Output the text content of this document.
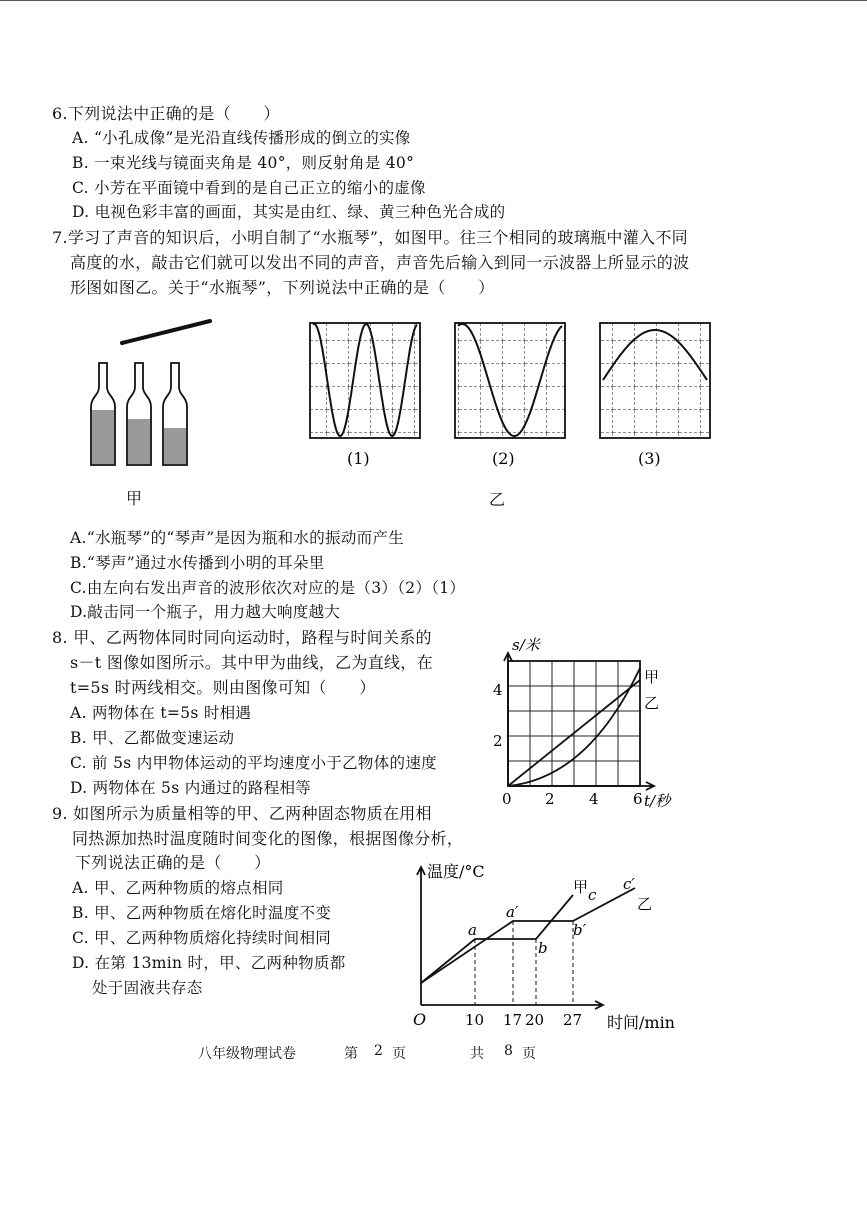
6.下列说法中正确的是（　　）
A. “小孔成像”是光沿直线传播形成的倒立的实像
B. 一束光线与镜面夹角是 40°，则反射角是 40°
C. 小芳在平面镜中看到的是自己正立的缩小的虚像
D. 电视色彩丰富的画面，其实是由红、绿、黄三种色光合成的
7.学习了声音的知识后，小明自制了“水瓶琴”，如图甲。往三个相同的玻璃瓶中灌入不同
高度的水，敲击它们就可以发出不同的声音，声音先后输入到同一示波器上所显示的波
形图如图乙。关于“水瓶琴”，下列说法中正确的是（　　）
甲
(1)	(2)	(3)
乙
A.“水瓶琴”的“琴声”是因为瓶和水的振动而产生
B.“琴声”通过水传播到小明的耳朵里
C.由左向右发出声音的波形依次对应的是（3）（2）（1）
D.敲击同一个瓶子，用力越大响度越大
8. 甲、乙两物体同时同向运动时，路程与时间关系的
s－t 图像如图所示。其中甲为曲线，乙为直线，在
t=5s 时两线相交。则由图像可知（　　）
A. 两物体在 t=5s 时相遇
B. 甲、乙都做变速运动
C. 前 5s 内甲物体运动的平均速度小于乙物体的速度
D. 两物体在 5s 内通过的路程相等
s/米
t/秒
0 2 4 6
2
4
甲
乙
9. 如图所示为质量相等的甲、乙两种固态物质在用相
同热源加热时温度随时间变化的图像，根据图像分析，
下列说法正确的是（　　）
A. 甲、乙两种物质的熔点相同
B. 甲、乙两种物质在熔化时温度不变
C. 甲、乙两种物质熔化持续时间相同
D. 在第 13min 时，甲、乙两种物质都
处于固液共存态
温度/°C
时间/min
O	10 17 20 27
a
a′
b
b′
c
c′
甲
乙
八年级物理试卷	第 2 页	共 8 页
